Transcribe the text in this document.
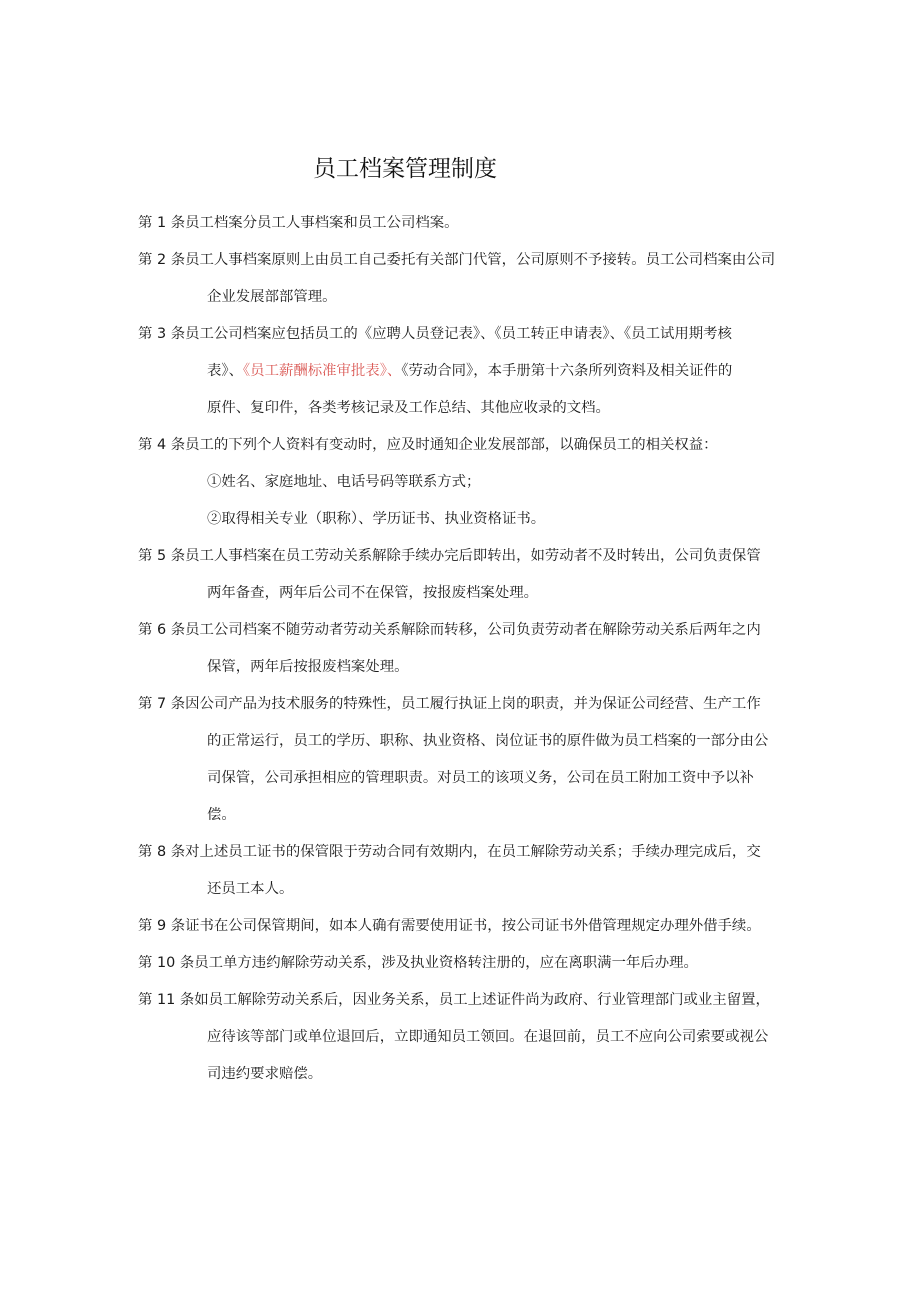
员工档案管理制度
第 1 条员工档案分员工人事档案和员工公司档案。
第 2 条员工人事档案原则上由员工自己委托有关部门代管，公司原则不予接转。员工公司档案由公司
企业发展部部管理。
第 3 条员工公司档案应包括员工的《应聘人员登记表》、《员工转正申请表》、《员工试用期考核
表》、《员工薪酬标准审批表》、《劳动合同》，本手册第十六条所列资料及相关证件的
原件、复印件，各类考核记录及工作总结、其他应收录的文档。
第 4 条员工的下列个人资料有变动时，应及时通知企业发展部部，以确保员工的相关权益：
①姓名、家庭地址、电话号码等联系方式；
②取得相关专业（职称）、学历证书、执业资格证书。
第 5 条员工人事档案在员工劳动关系解除手续办完后即转出，如劳动者不及时转出，公司负责保管
两年备查，两年后公司不在保管，按报废档案处理。
第 6 条员工公司档案不随劳动者劳动关系解除而转移，公司负责劳动者在解除劳动关系后两年之内
保管，两年后按报废档案处理。
第 7 条因公司产品为技术服务的特殊性，员工履行执证上岗的职责，并为保证公司经营、生产工作
的正常运行，员工的学历、职称、执业资格、岗位证书的原件做为员工档案的一部分由公
司保管，公司承担相应的管理职责。对员工的该项义务，公司在员工附加工资中予以补
偿。
第 8 条对上述员工证书的保管限于劳动合同有效期内，在员工解除劳动关系；手续办理完成后，交
还员工本人。
第 9 条证书在公司保管期间，如本人确有需要使用证书，按公司证书外借管理规定办理外借手续。
第 10 条员工单方违约解除劳动关系，涉及执业资格转注册的，应在离职满一年后办理。
第 11 条如员工解除劳动关系后，因业务关系，员工上述证件尚为政府、行业管理部门或业主留置，
应待该等部门或单位退回后，立即通知员工领回。在退回前，员工不应向公司索要或视公
司违约要求赔偿。
